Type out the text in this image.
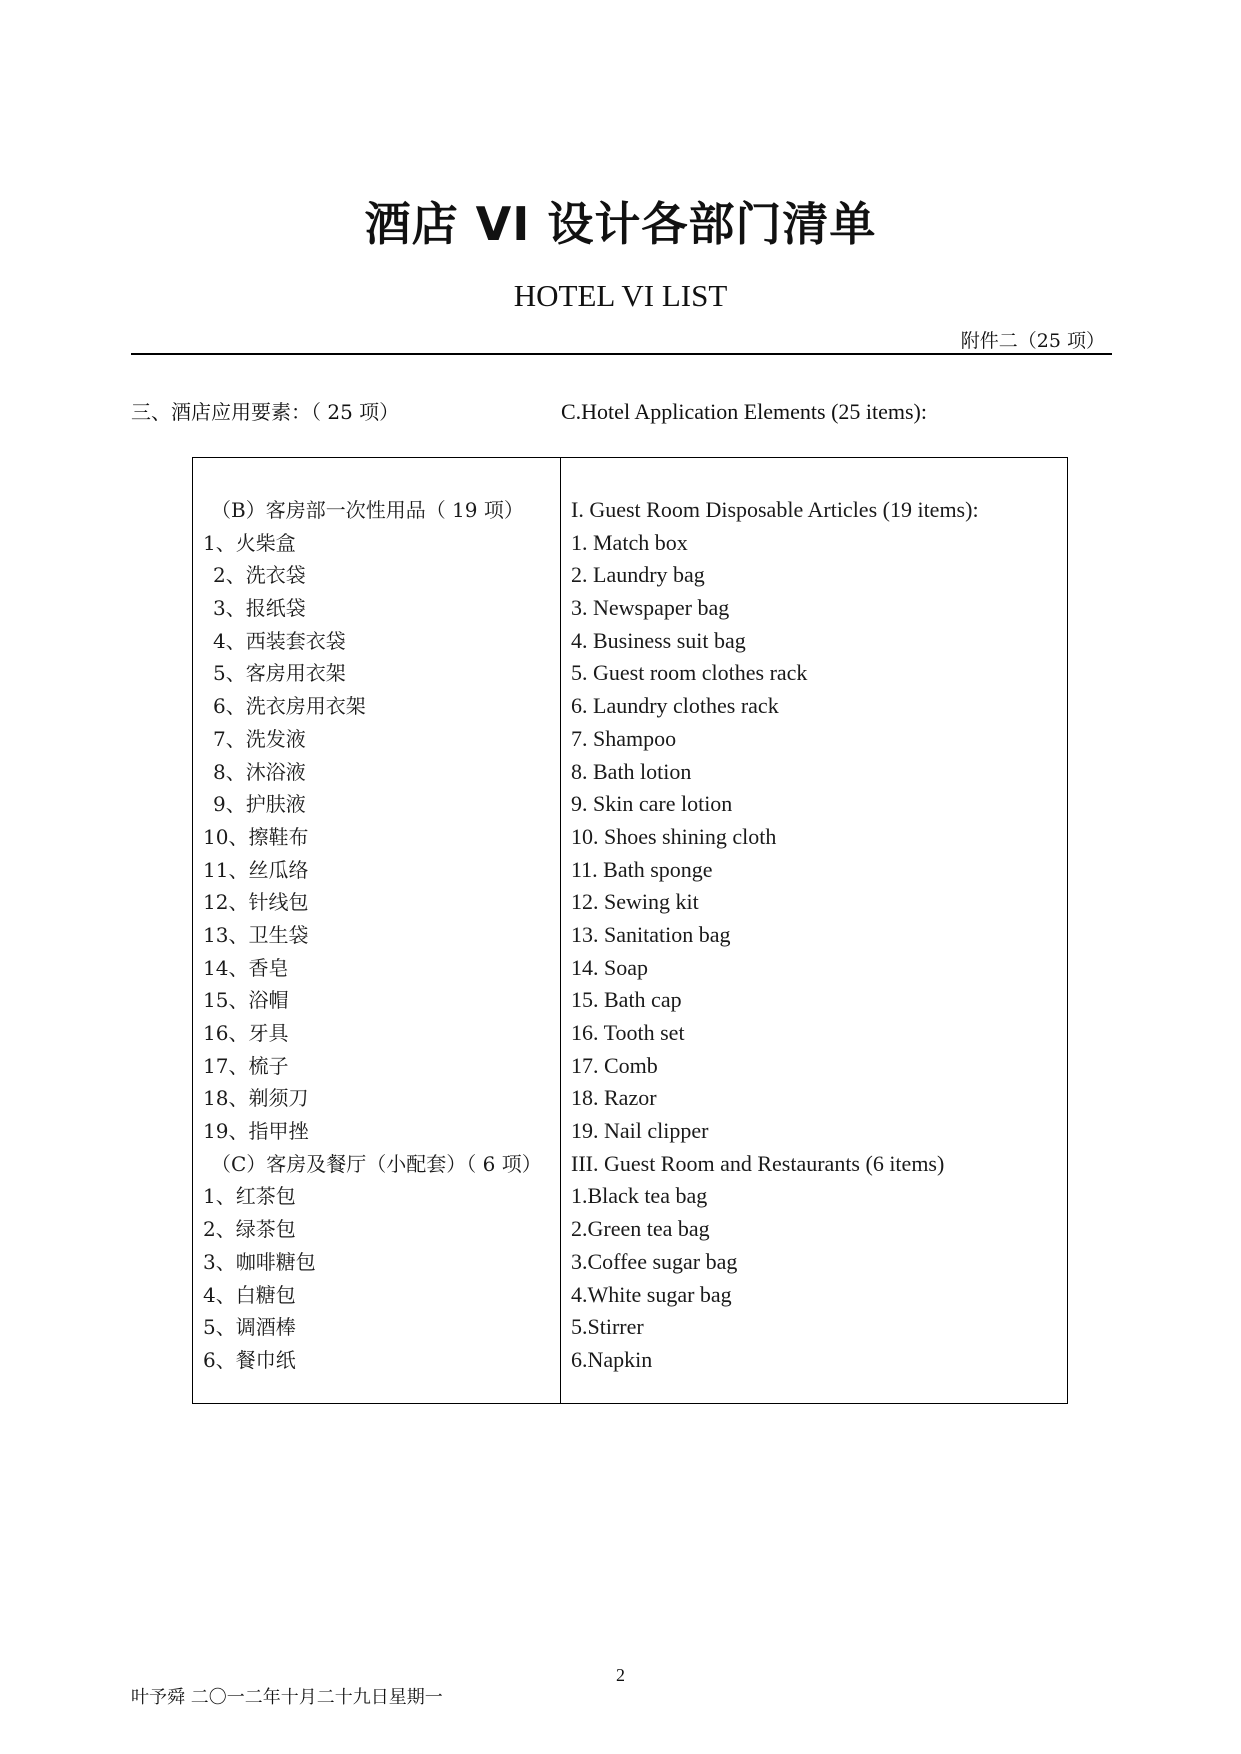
酒店 VI 设计各部门清单
HOTEL VI LIST
附件二（25 项）
三、酒店应用要素：（ 25 项）	C.Hotel Application Elements (25 items):
（B）客房部一次性用品（ 19 项）
1、火柴盒
2、洗衣袋
3、报纸袋
4、西装套衣袋
5、客房用衣架
6、洗衣房用衣架
7、洗发液
8、沐浴液
9、护肤液
10、擦鞋布
11、丝瓜络
12、针线包
13、卫生袋
14、香皂
15、浴帽
16、牙具
17、梳子
18、剃须刀
19、指甲挫
（C）客房及餐厅（小配套）（ 6 项）
1、红茶包
2、绿茶包
3、咖啡糖包
4、白糖包
5、调酒棒
6、餐巾纸
I. Guest Room Disposable Articles (19 items):
1. Match box
2. Laundry bag
3. Newspaper bag
4. Business suit bag
5. Guest room clothes rack
6. Laundry clothes rack
7. Shampoo
8. Bath lotion
9. Skin care lotion
10. Shoes shining cloth
11. Bath sponge
12. Sewing kit
13. Sanitation bag
14. Soap
15. Bath cap
16. Tooth set
17. Comb
18. Razor
19. Nail clipper
III. Guest Room and Restaurants (6 items)
1.Black tea bag
2.Green tea bag
3.Coffee sugar bag
4.White sugar bag
5.Stirrer
6.Napkin
2
叶予舜 二〇一二年十月二十九日星期一
